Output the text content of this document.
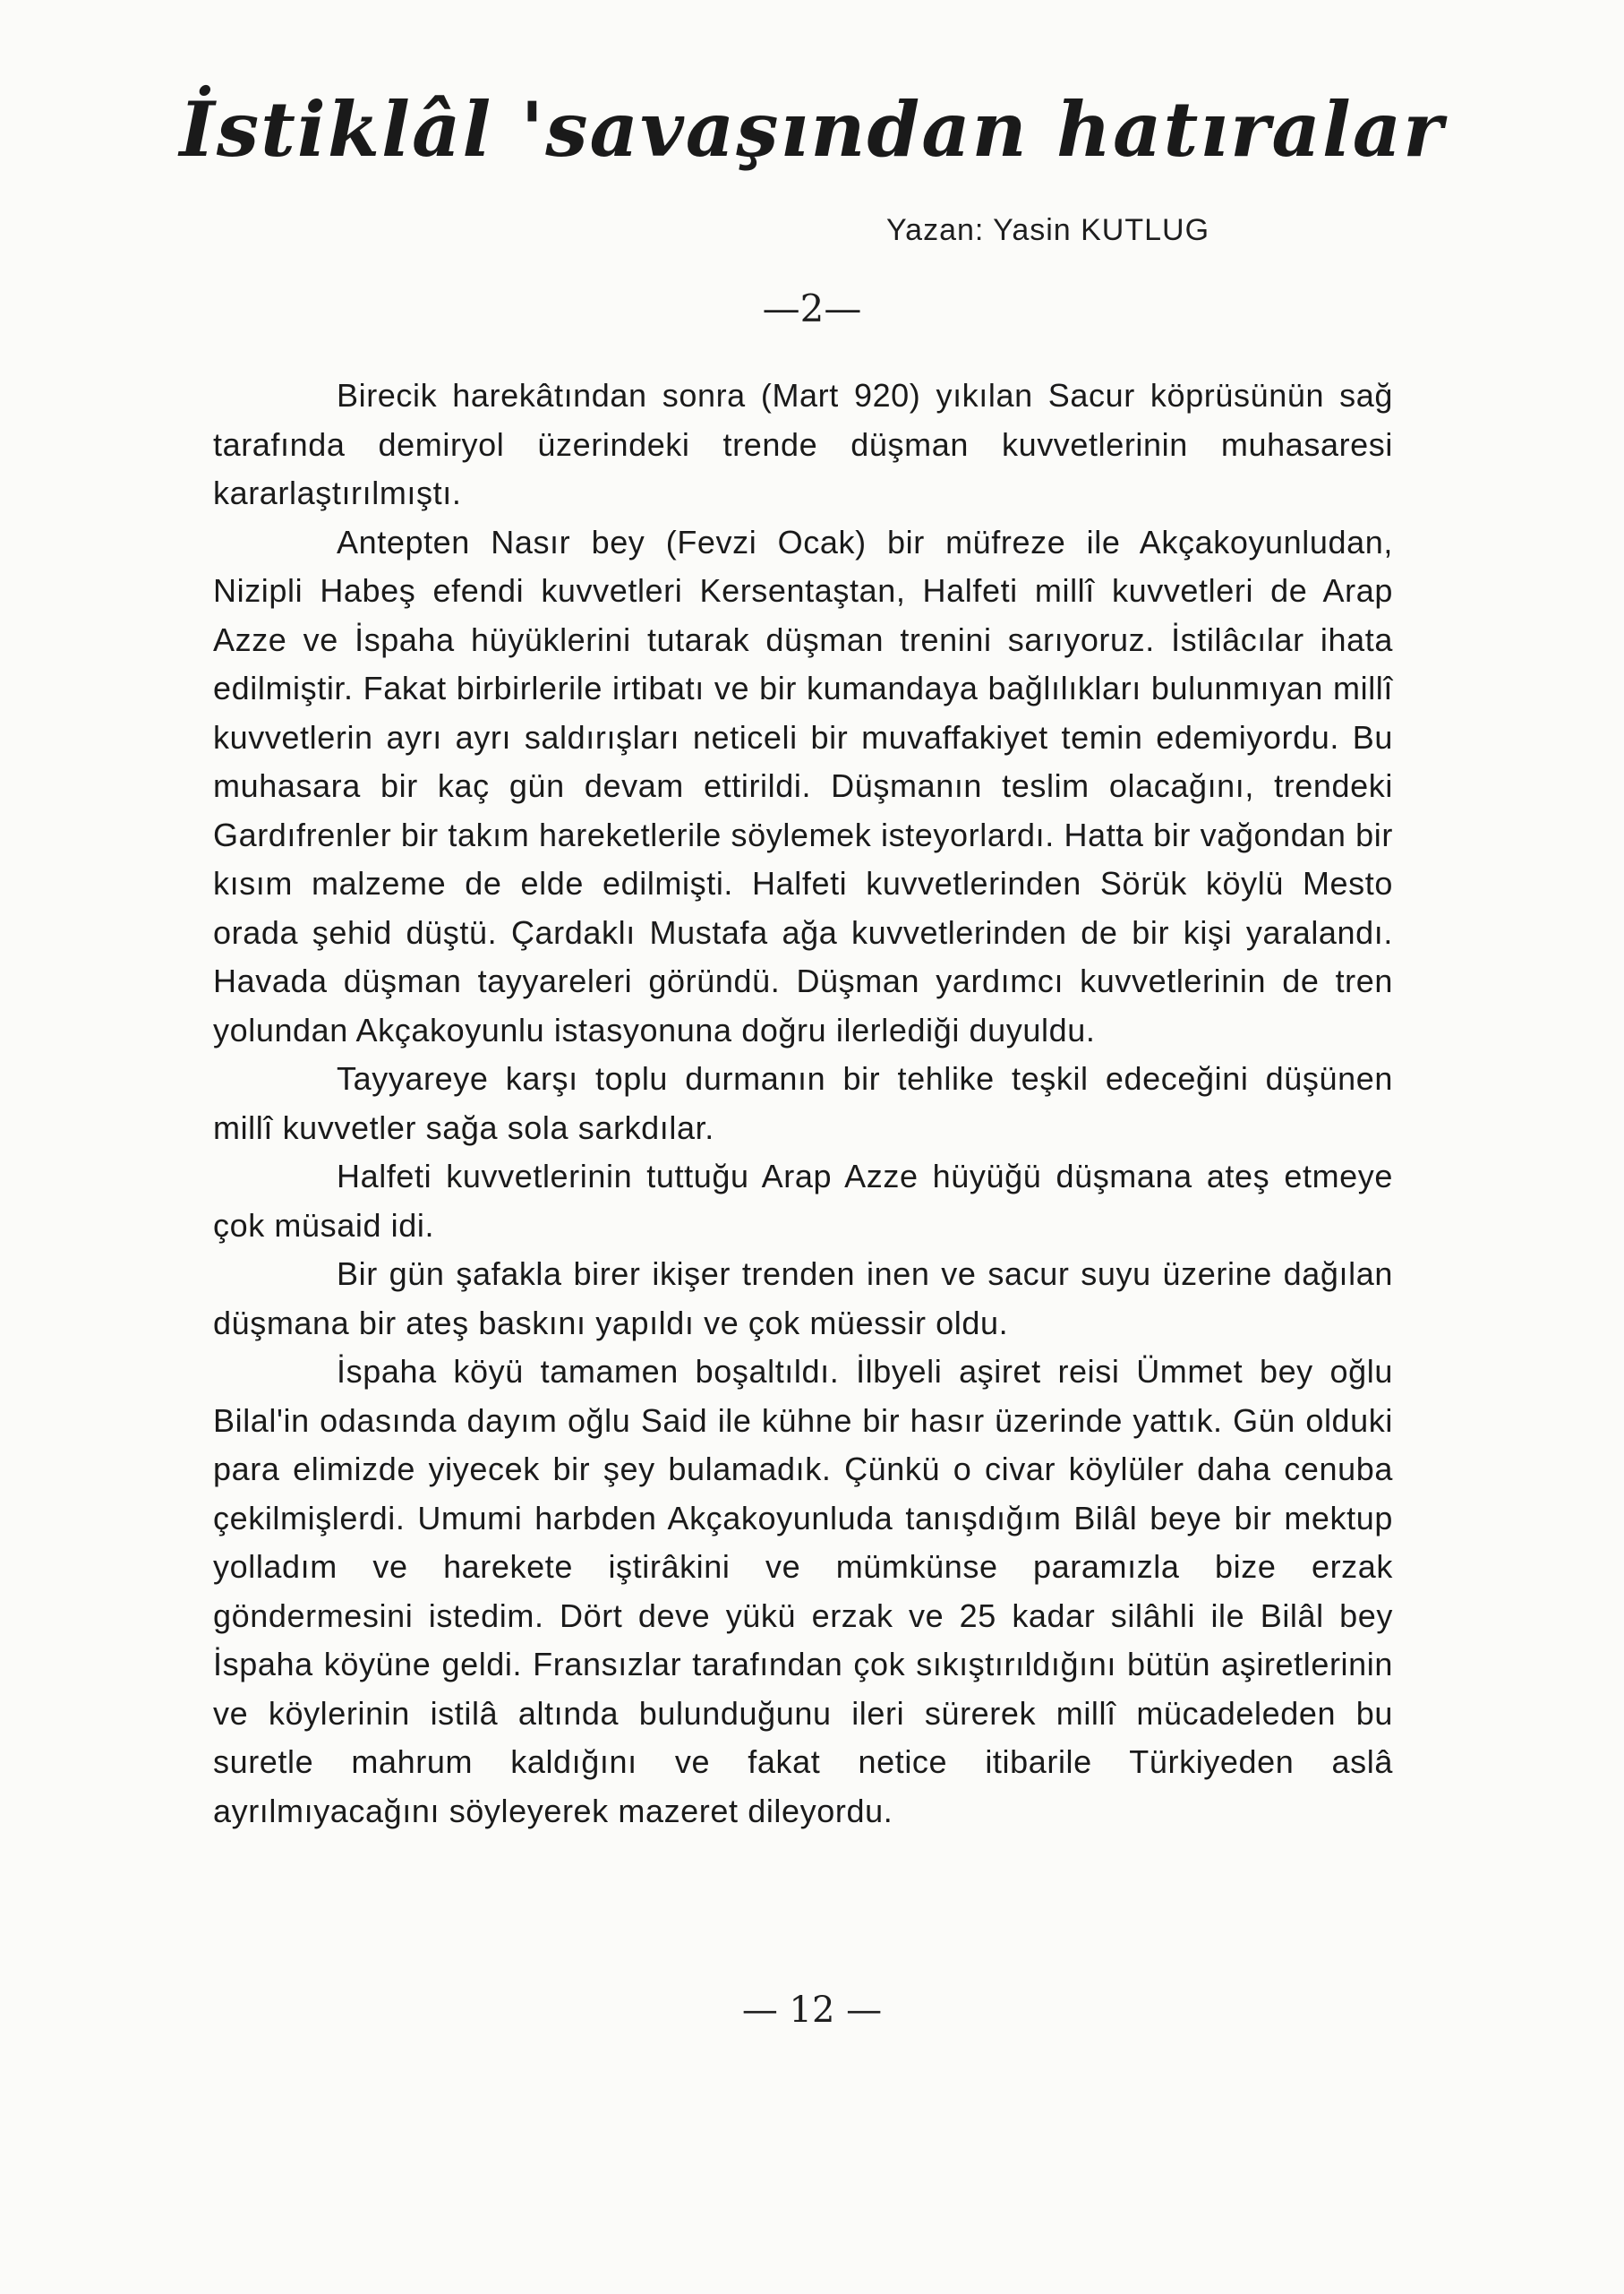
İstiklâl 'savaşından hatıralar
Yazan: Yasin KUTLUG
—2—

Birecik harekâtından sonra (Mart 920) yıkılan Sacur köprüsünün sağ tarafında demiryol üzerindeki trende düşman kuvvetlerinin muhasaresi kararlaştırılmıştı.

Antepten Nasır bey (Fevzi Ocak) bir müfreze ile Akçakoyunludan, Nizipli Habeş efendi kuvvetleri Kersentaştan, Halfeti millî kuvvetleri de Arap Azze ve İspaha hüyüklerini tutarak düşman trenini sarıyoruz. İstilâcılar ihata edilmiştir. Fakat birbirlerile irtibatı ve bir kumandaya bağlılıkları bulunmıyan millî kuvvetlerin ayrı ayrı saldırışları neticeli bir muvaffakiyet temin edemiyordu. Bu muhasara bir kaç gün devam ettirildi. Düşmanın teslim olacağını, trendeki Gardıfrenler bir takım hareketlerile söylemek isteyorlardı. Hatta bir vağondan bir kısım malzeme de elde edilmişti. Halfeti kuvvetlerinden Sörük köylü Mesto orada şehid düştü. Çardaklı Mustafa ağa kuvvetlerinden de bir kişi yaralandı. Havada düşman tayyareleri göründü. Düşman yardımcı kuvvetlerinin de tren yolundan Akçakoyunlu istasyonuna doğru ilerlediği duyuldu.

Tayyareye karşı toplu durmanın bir tehlike teşkil edeceğini düşünen millî kuvvetler sağa sola sarkdılar.

Halfeti kuvvetlerinin tuttuğu Arap Azze hüyüğü düşmana ateş etmeye çok müsaid idi.

Bir gün şafakla birer ikişer trenden inen ve sacur suyu üzerine dağılan düşmana bir ateş baskını yapıldı ve çok müessir oldu.

İspaha köyü tamamen boşaltıldı. İlbyeli aşiret reisi Ümmet bey oğlu Bilal'in odasında dayım oğlu Said ile kühne bir hasır üzerinde yattık. Gün olduki para elimizde yiyecek bir şey bulamadık. Çünkü o civar köylüler daha cenuba çekilmişlerdi. Umumi harbden Akçakoyunluda tanışdığım Bilâl beye bir mektup yolladım ve harekete iştirâkini ve mümkünse paramızla bize erzak göndermesini istedim. Dört deve yükü erzak ve 25 kadar silâhli ile Bilâl bey İspaha köyüne geldi. Fransızlar tarafından çok sıkıştırıldığını bütün aşiretlerinin ve köylerinin istilâ altında bulunduğunu ileri sürerek millî mücadeleden bu suretle mahrum kaldığını ve fakat netice itibarile Türkiyeden aslâ ayrılmıyacağını söyleyerek mazeret dileyordu.

— 12 —
